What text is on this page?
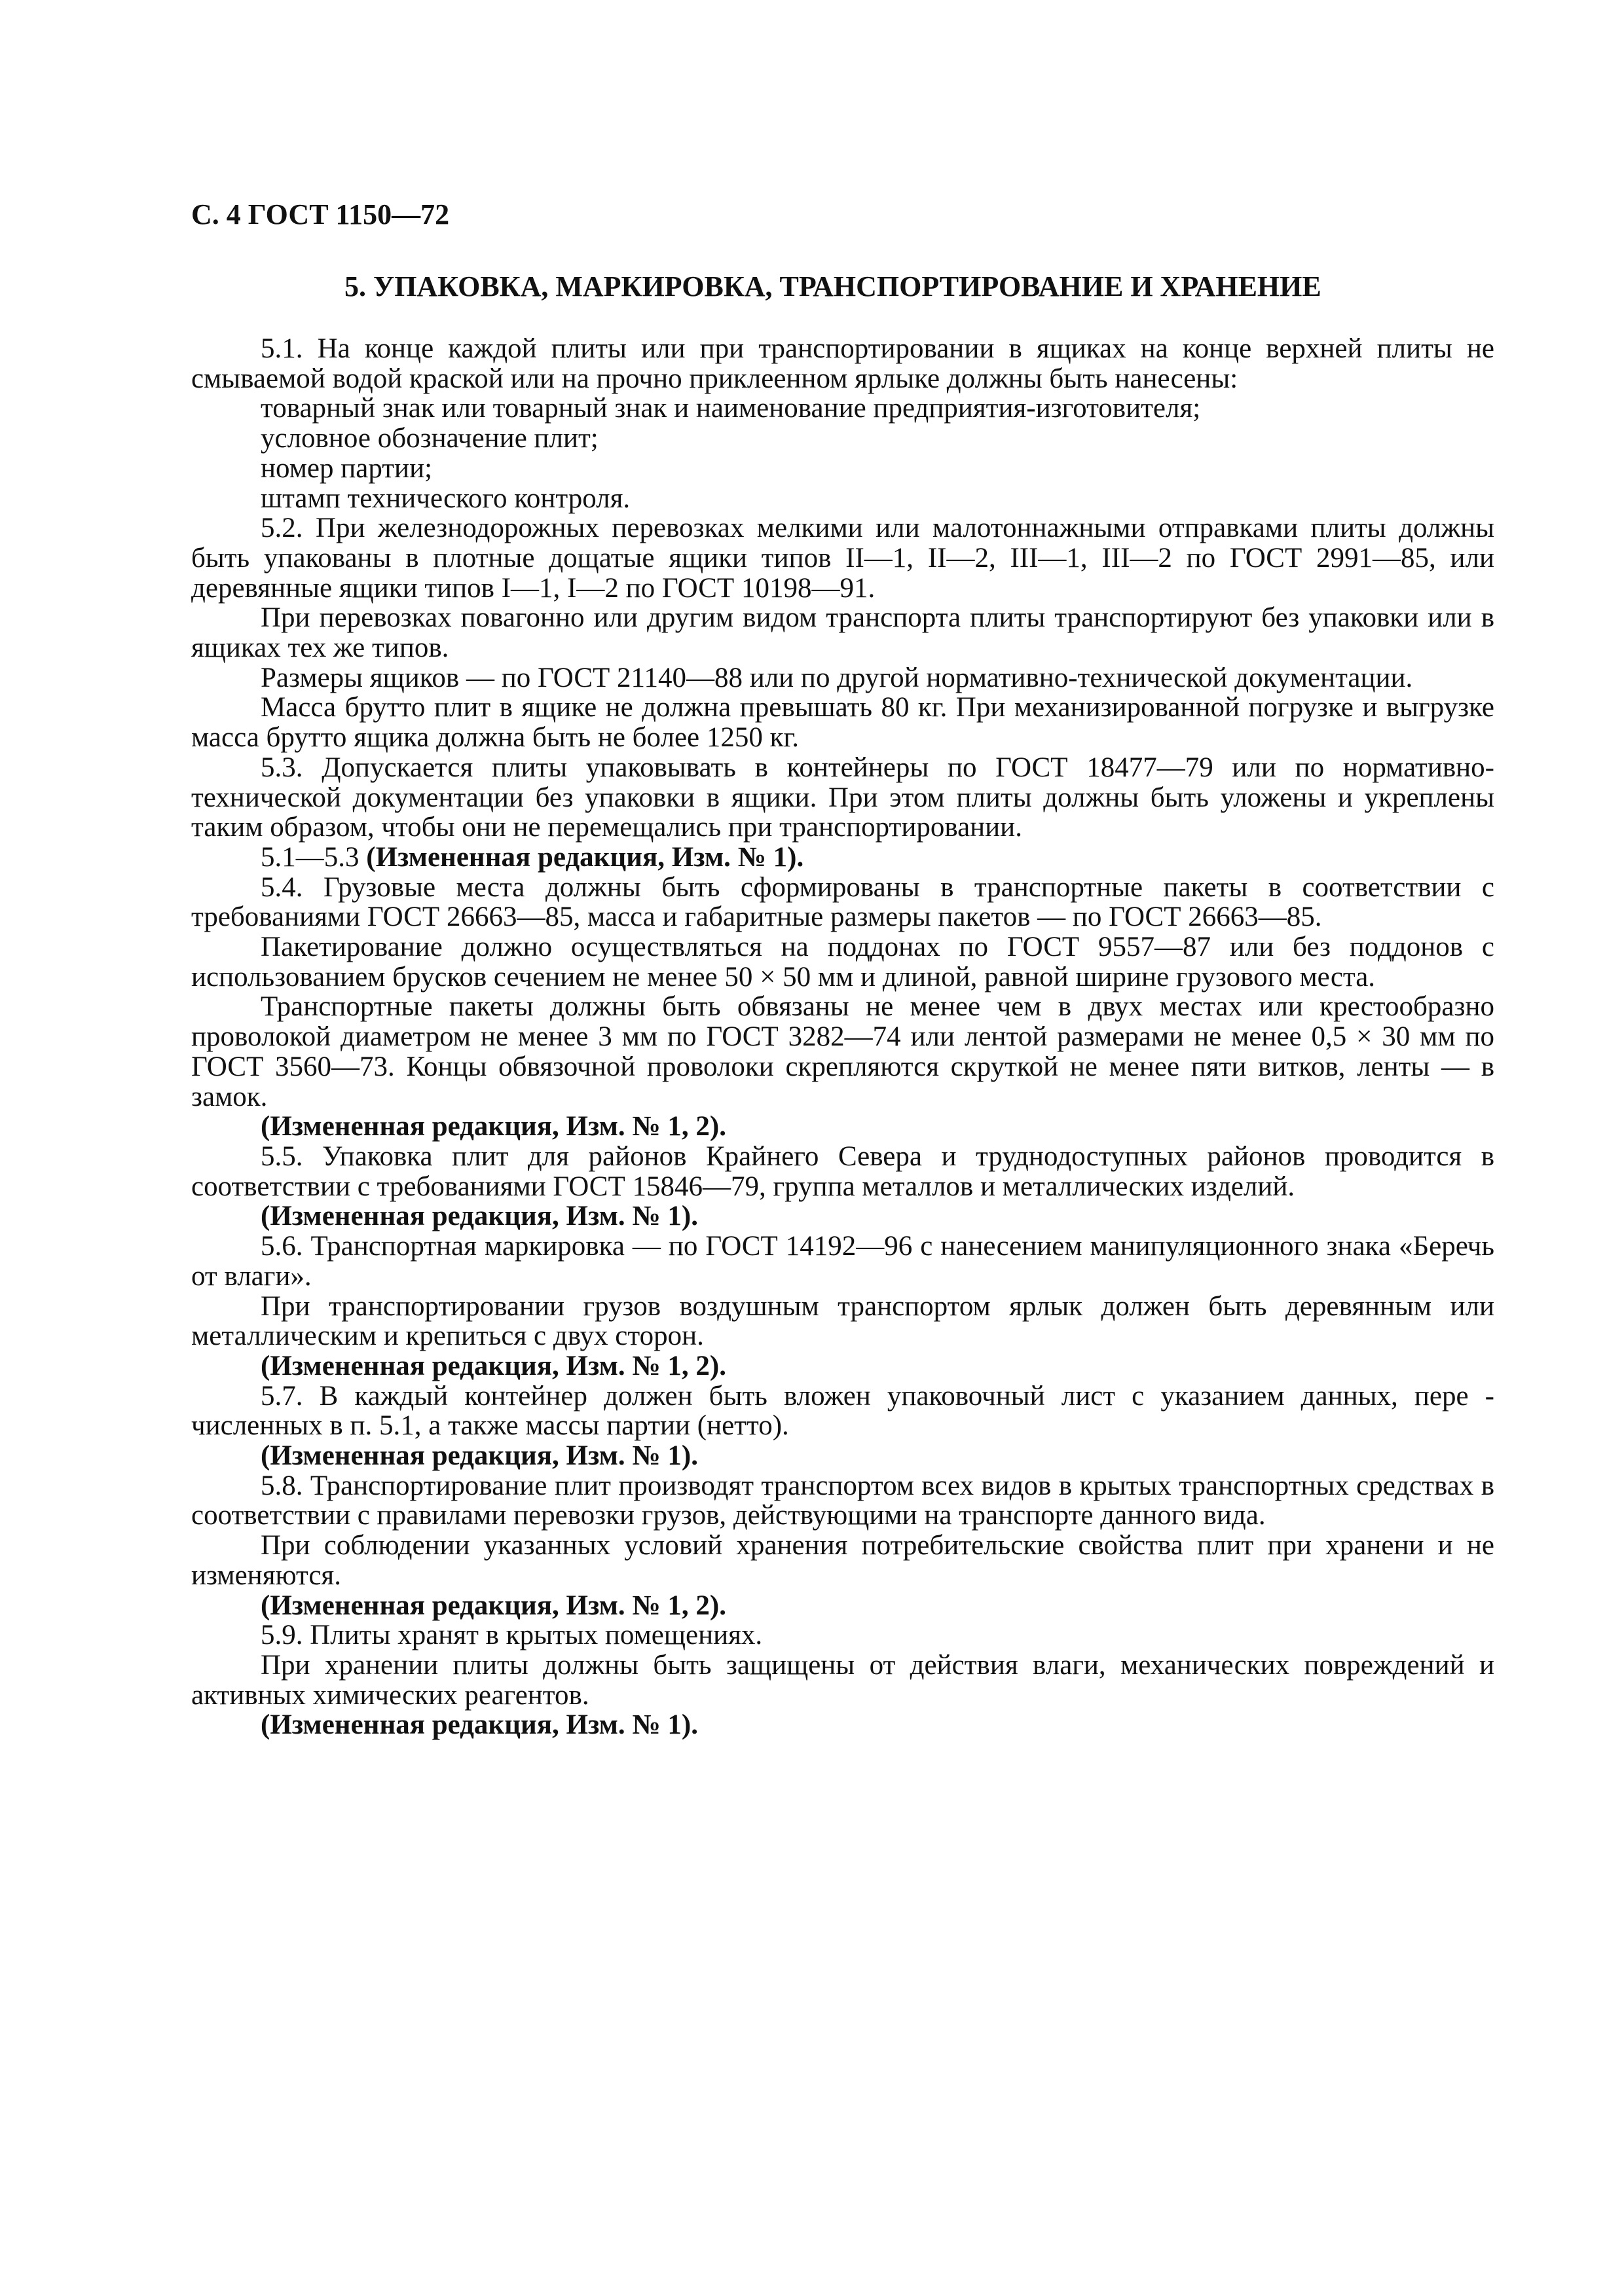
С. 4 ГОСТ 1150—72
5. УПАКОВКА, МАРКИРОВКА, ТРАНСПОРТИРОВАНИЕ И ХРАНЕНИЕ

5.1. На конце каждой плиты или при транспортировании в ящиках на конце верхней плиты не смываемой водой краской или на прочно приклеенном ярлыке должны быть нанесены:

товарный знак или товарный знак и наименование предприятия-изготовителя;

условное обозначение плит;

номер партии;

штамп технического контроля.

5.2. При железнодорожных перевозках мелкими или малотоннажными отправками плиты должны быть упакованы в плотные дощатые ящики типов II—1, II—2, III—1, III—2 по ГОСТ 2991—85, или деревянные ящики типов I—1, I—2 по ГОСТ 10198—91.

При перевозках повагонно или другим видом транспорта плиты транспортируют без упаковки или в ящиках тех же типов.

Размеры ящиков — по ГОСТ 21140—88 или по другой нормативно-технической документации.

Масса брутто плит в ящике не должна превышать 80 кг. При механизированной погрузке и выгрузке масса брутто ящика должна быть не более 1250 кг.

5.3. Допускается плиты упаковывать в контейнеры по ГОСТ 18477—79 или по нормативно-технической документации без упаковки в ящики. При этом плиты должны быть уложены и укреплены таким образом, чтобы они не перемещались при транспортировании.

5.1—5.3 (Измененная редакция, Изм. № 1).

5.4. Грузовые места должны быть сформированы в транспортные пакеты в соответствии с требованиями ГОСТ 26663—85, масса и габаритные размеры пакетов — по ГОСТ 26663—85.

Пакетирование должно осуществляться на поддонах по ГОСТ 9557—87 или без поддонов с использованием брусков сечением не менее 50 × 50 мм и длиной, равной ширине грузового места.

Транспортные пакеты должны быть обвязаны не менее чем в двух местах или крестообразно проволокой диаметром не менее 3 мм по ГОСТ 3282—74 или лентой размерами не менее 0,5 × 30 мм по ГОСТ 3560—73. Концы обвязочной проволоки скрепляются скруткой не менее пяти витков, ленты — в замок.

(Измененная редакция, Изм. № 1, 2).

5.5. Упаковка плит для районов Крайнего Севера и труднодоступных районов проводится в соответствии с требованиями ГОСТ 15846—79, группа металлов и металлических изделий.

(Измененная редакция, Изм. № 1).

5.6. Транспортная маркировка — по ГОСТ 14192—96 с нанесением манипуляционного знака «Беречь от влаги».

При транспортировании грузов воздушным транспортом ярлык должен быть деревянным или металлическим и крепиться с двух сторон.

(Измененная редакция, Изм. № 1, 2).

5.7. В каждый контейнер должен быть вложен упаковочный лист с указанием данных, пере - численных в п. 5.1, а также массы партии (нетто).

(Измененная редакция, Изм. № 1).

5.8. Транспортирование плит производят транспортом всех видов в крытых транспортных средствах в соответствии с правилами перевозки грузов, действующими на транспорте данного вида.

При соблюдении указанных условий хранения потребительские свойства плит при хранени и не изменяются.

(Измененная редакция, Изм. № 1, 2).

5.9. Плиты хранят в крытых помещениях.

При хранении плиты должны быть защищены от действия влаги, механических повреждений и активных химических реагентов.

(Измененная редакция, Изм. № 1).
